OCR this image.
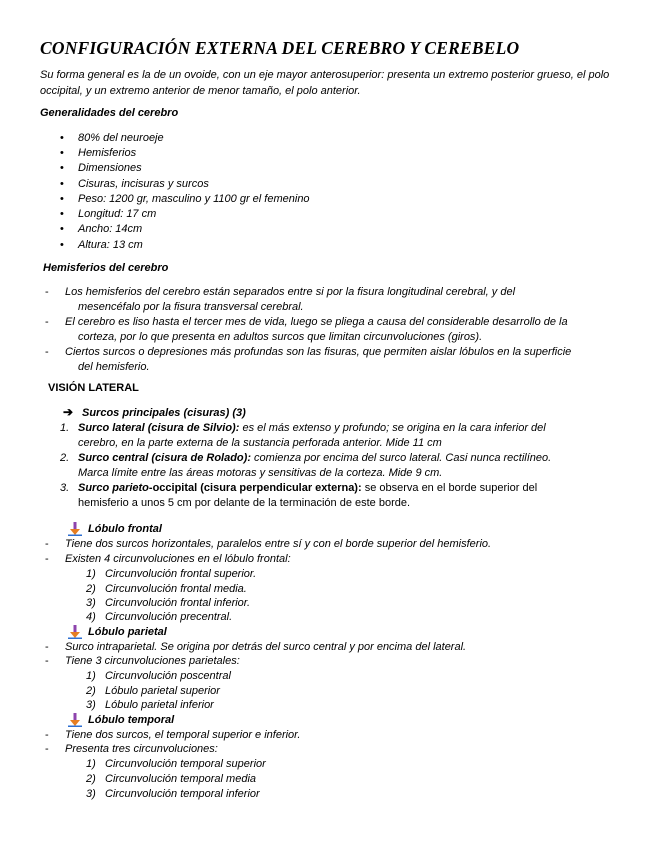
CONFIGURACIÓN EXTERNA DEL CEREBRO Y CEREBELO

Su forma general es la de un ovoide, con un eje mayor anterosuperior: presenta un extremo posterior grueso, el polo occipital, y un extremo anterior de menor tamaño, el polo anterior.

Generalidades del cerebro
• 80% del neuroeje
• Hemisferios
• Dimensiones
• Cisuras, incisuras y surcos
• Peso: 1200 gr, masculino y 1100 gr el femenino
• Longitud: 17 cm
• Ancho: 14cm
• Altura: 13 cm
Hemisferios del cerebro
- Los hemisferios del cerebro están separados entre si por la fisura longitudinal cerebral, y del
mesencéfalo por la fisura transversal cerebral.
- El cerebro es liso hasta el tercer mes de vida, luego se pliega a causa del considerable desarrollo de la
corteza, por lo que presenta en adultos surcos que limitan circunvoluciones (giros).
- Ciertos surcos o depresiones más profundas son las fisuras, que permiten aislar lóbulos en la superficie
del hemisferio.
VISIÓN LATERAL
➔ Surcos principales (cisuras) (3)
1. Surco lateral (cisura de Silvio): es el más extenso y profundo; se origina en la cara inferior del
cerebro, en la parte externa de la sustancia perforada anterior. Mide 11 cm
2. Surco central (cisura de Rolado): comienza por encima del surco lateral. Casi nunca rectilíneo.
Marca límite entre las áreas motoras y sensitivas de la corteza. Mide 9 cm.
3. Surco parieto-occipital (cisura perpendicular externa): se observa en el borde superior del
hemisferio a unos 5 cm por delante de la terminación de este borde.
Lóbulo frontal
- Tiene dos surcos horizontales, paralelos entre sí y con el borde superior del hemisferio.
- Existen 4 circunvoluciones en el lóbulo frontal:
1) Circunvolución frontal superior.
2) Circunvolución frontal media.
3) Circunvolución frontal inferior.
4) Circunvolución precentral.
Lóbulo parietal
- Surco intraparietal. Se origina por detrás del surco central y por encima del lateral.
- Tiene 3 circunvoluciones parietales:
1) Circunvolución poscentral
2) Lóbulo parietal superior
3) Lóbulo parietal inferior
Lóbulo temporal
- Tiene dos surcos, el temporal superior e inferior.
- Presenta tres circunvoluciones:
1) Circunvolución temporal superior
2) Circunvolución temporal media
3) Circunvolución temporal inferior
